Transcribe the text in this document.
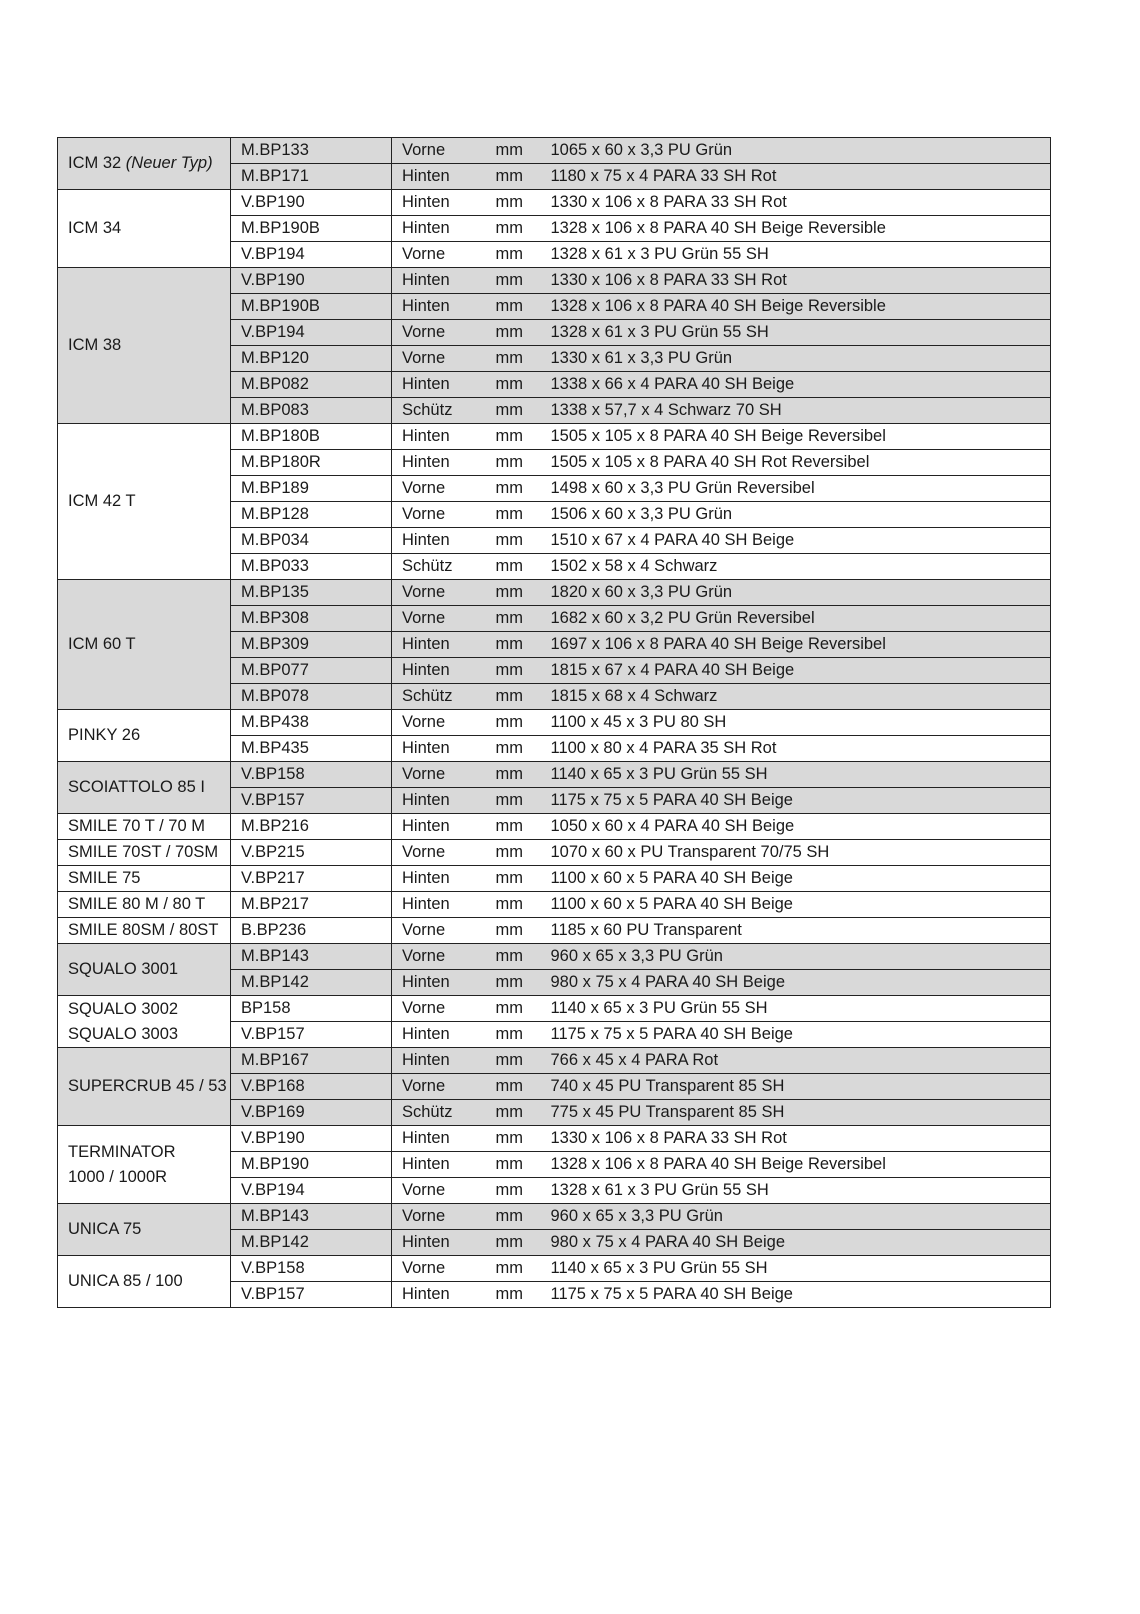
ICM 32 (Neuer Typ)	M.BP133	Vorne	mm	1065 x 60 x 3,3 PU Grün
	M.BP171	Hinten	mm	1180 x 75 x 4 PARA 33 SH Rot

ICM 34	V.BP190	Hinten	mm	1330 x 106 x 8 PARA 33 SH Rot
	M.BP190B	Hinten	mm	1328 x 106 x 8 PARA 40 SH Beige Reversible
	V.BP194	Vorne	mm	1328 x 61 x 3 PU Grün 55 SH

ICM 38	V.BP190	Hinten	mm	1330 x 106 x 8 PARA 33 SH Rot
	M.BP190B	Hinten	mm	1328 x 106 x 8 PARA 40 SH Beige Reversible
	V.BP194	Vorne	mm	1328 x 61 x 3 PU Grün 55 SH
	M.BP120	Vorne	mm	1330 x 61 x 3,3 PU Grün
	M.BP082	Hinten	mm	1338 x 66 x 4 PARA 40 SH Beige
	M.BP083	Schütz	mm	1338 x 57,7 x 4 Schwarz 70 SH

ICM 42 T	M.BP180B	Hinten	mm	1505 x 105 x 8 PARA 40 SH Beige Reversibel
	M.BP180R	Hinten	mm	1505 x 105 x 8 PARA 40 SH Rot Reversibel
	M.BP189	Vorne	mm	1498 x 60 x 3,3 PU Grün Reversibel
	M.BP128	Vorne	mm	1506 x 60 x 3,3 PU Grün
	M.BP034	Hinten	mm	1510 x 67 x 4 PARA 40 SH Beige
	M.BP033	Schütz	mm	1502 x 58 x 4 Schwarz

ICM 60 T	M.BP135	Vorne	mm	1820 x 60 x 3,3 PU Grün
	M.BP308	Vorne	mm	1682 x 60 x 3,2 PU Grün Reversibel
	M.BP309	Hinten	mm	1697 x 106 x 8 PARA 40 SH Beige Reversibel
	M.BP077	Hinten	mm	1815 x 67 x 4 PARA 40 SH Beige
	M.BP078	Schütz	mm	1815 x 68 x 4 Schwarz

PINKY 26	M.BP438	Vorne	mm	1100 x 45 x 3 PU 80 SH
	M.BP435	Hinten	mm	1100 x 80 x 4 PARA 35 SH Rot

SCOIATTOLO 85 I	V.BP158	Vorne	mm	1140 x 65 x 3 PU Grün 55 SH
	V.BP157	Hinten	mm	1175 x 75 x 5 PARA 40 SH Beige

SMILE 70 T / 70 M	M.BP216	Hinten	mm	1050 x 60 x 4 PARA 40 SH Beige

SMILE 70ST / 70SM	V.BP215	Vorne	mm	1070 x 60 x PU Transparent 70/75 SH

SMILE 75	V.BP217	Hinten	mm	1100 x 60 x 5 PARA 40 SH Beige

SMILE 80 M / 80 T	M.BP217	Hinten	mm	1100 x 60 x 5 PARA 40 SH Beige

SMILE 80SM / 80ST	B.BP236	Vorne	mm	1185 x 60 PU Transparent

SQUALO 3001	M.BP143	Vorne	mm	960 x 65 x 3,3 PU Grün
	M.BP142	Hinten	mm	980 x 75 x 4 PARA 40 SH Beige

SQUALO 3002
SQUALO 3003	BP158	Vorne	mm	1140 x 65 x 3 PU Grün 55 SH
	V.BP157	Hinten	mm	1175 x 75 x 5 PARA 40 SH Beige

SUPERCRUB 45 / 53	M.BP167	Hinten	mm	766 x 45 x 4 PARA Rot
	V.BP168	Vorne	mm	740 x 45 PU Transparent 85 SH
	V.BP169	Schütz	mm	775 x 45 PU Transparent 85 SH

TERMINATOR
1000 / 1000R	V.BP190	Hinten	mm	1330 x 106 x 8 PARA 33 SH Rot
	M.BP190	Hinten	mm	1328 x 106 x 8 PARA 40 SH Beige Reversibel
	V.BP194	Vorne	mm	1328 x 61 x 3 PU Grün 55 SH

UNICA 75	M.BP143	Vorne	mm	960 x 65 x 3,3 PU Grün
	M.BP142	Hinten	mm	980 x 75 x 4 PARA 40 SH Beige

UNICA 85 / 100	V.BP158	Vorne	mm	1140 x 65 x 3 PU Grün 55 SH
	V.BP157	Hinten	mm	1175 x 75 x 5 PARA 40 SH Beige
